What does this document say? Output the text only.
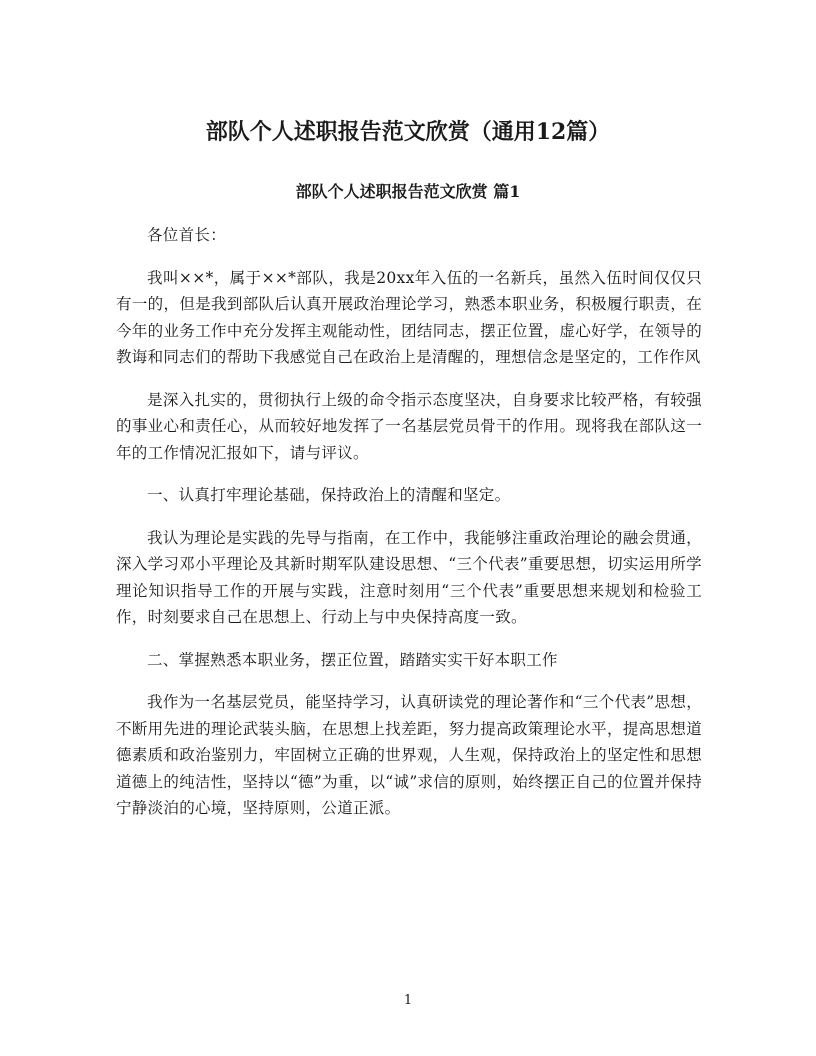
部队个人述职报告范文欣赏（通用12篇）
部队个人述职报告范文欣赏 篇1

各位首长：

我叫××*，属于××*部队，我是20xx年入伍的一名新兵，虽然入伍时间仅仅只有一的，但是我到部队后认真开展政治理论学习，熟悉本职业务，积极履行职责，在今年的业务工作中充分发挥主观能动性，团结同志，摆正位置，虚心好学，在领导的教诲和同志们的帮助下我感觉自己在政治上是清醒的，理想信念是坚定的，工作作风

是深入扎实的，贯彻执行上级的命令指示态度坚决，自身要求比较严格，有较强的事业心和责任心，从而较好地发挥了一名基层党员骨干的作用。现将我在部队这一年的工作情况汇报如下，请与评议。

一、认真打牢理论基础，保持政治上的清醒和坚定。

我认为理论是实践的先导与指南，在工作中，我能够注重政治理论的融会贯通，深入学习邓小平理论及其新时期军队建设思想、“三个代表”重要思想，切实运用所学理论知识指导工作的开展与实践，注意时刻用“三个代表”重要思想来规划和检验工作，时刻要求自己在思想上、行动上与中央保持高度一致。

二、掌握熟悉本职业务，摆正位置，踏踏实实干好本职工作

我作为一名基层党员，能坚持学习，认真研读党的理论著作和“三个代表”思想，不断用先进的理论武装头脑，在思想上找差距，努力提高政策理论水平，提高思想道德素质和政治鉴别力，牢固树立正确的世界观，人生观，保持政治上的坚定性和思想道德上的纯洁性，坚持以“德”为重，以“诚”求信的原则，始终摆正自己的位置并保持宁静淡泊的心境，坚持原则，公道正派。

1
